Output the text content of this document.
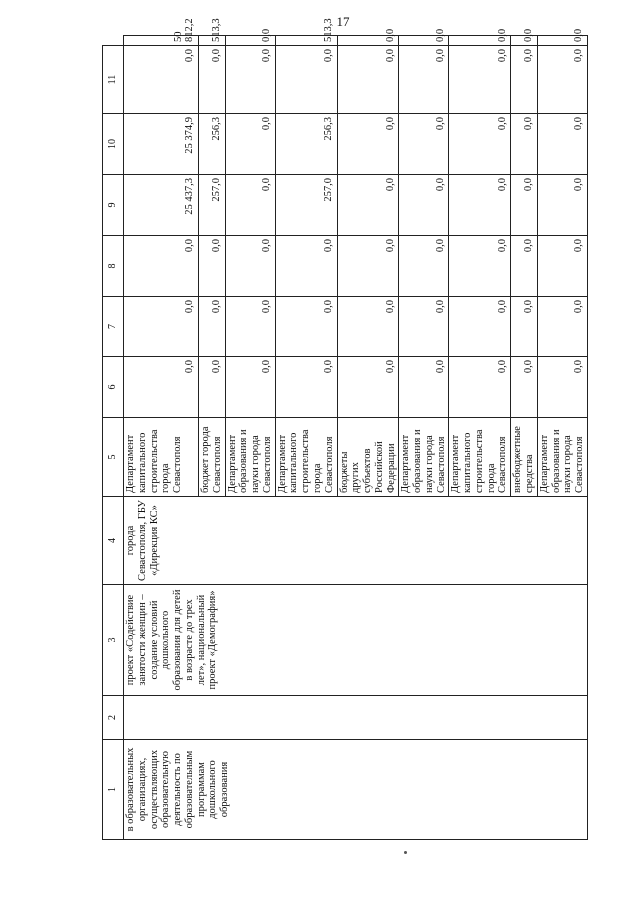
17
1	2	3	4	5	6	7	8	9	10	11	
в образовательных организациях, осуществляющих образовательную деятельность по образовательным программам дошкольного образования		проект «Содействие занятости женщин – создание условий дошкольного образования для детей в возрасте до трех лет», национальный проект «Демография»	города Севастополя, ГБУ «Дирекция КС»	Департамент капитального строительства города Севастополя	0,0	0,0	0,0	25 437,3	25 374,9	0,0	50 812,2
				бюджет города Севастополя	0,0	0,0	0,0	257,0	256,3	0,0	513,3
				Департамент образования и науки города Севастополя	0,0	0,0	0,0	0,0	0,0	0,0	0,0
				Департамент капитального строительства города Севастополя	0,0	0,0	0,0	257,0	256,3	0,0	513,3
				бюджеты других субъектов Российской Федерации	0,0	0,0	0,0	0,0	0,0	0,0	0,0
				Департамент образования и науки города Севастополя	0,0	0,0	0,0	0,0	0,0	0,0	0,0
				Департамент капитального строительства города Севастополя	0,0	0,0	0,0	0,0	0,0	0,0	0,0
				внебюджетные средства	0,0	0,0	0,0	0,0	0,0	0,0	0,0
				Департамент образования и науки города Севастополя	0,0	0,0	0,0	0,0	0,0	0,0	0,0
